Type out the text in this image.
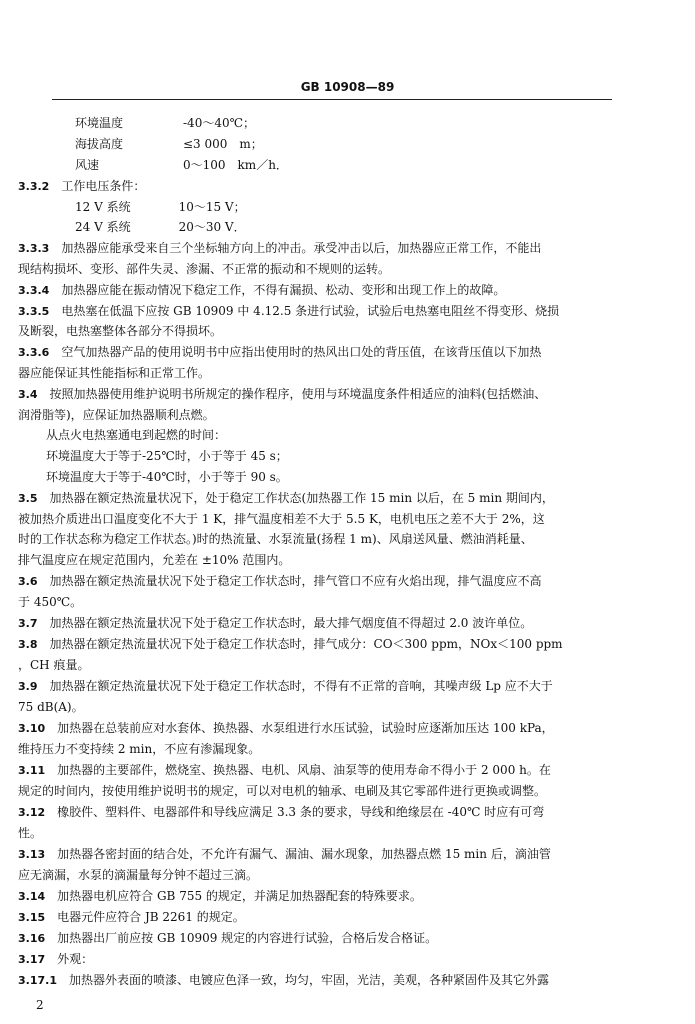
GB 10908—89
环境温度　　　　　-40～40℃；
海拔高度　　　　　≤3 000　m；
风速　　　　　　　0～100　km／h．
3.3.2　 工作电压条件：
12 V 系统　　　　10～15 V；
24 V 系统　　　　20～30 V．
3.3.3　 加热器应能承受来自三个坐标轴方向上的冲击。承受冲击以后，加热器应正常工作，不能出
现结构损坏、变形、部件失灵、渗漏、不正常的振动和不规则的运转。
3.3.4　 加热器应能在振动情况下稳定工作，不得有漏损、松动、变形和出现工作上的故障。
3.3.5　 电热塞在低温下应按 GB 10909 中 4.12.5 条进行试验，试验后电热塞电阻丝不得变形、烧损
及断裂，电热塞整体各部分不得损坏。
3.3.6　 空气加热器产品的使用说明书中应指出使用时的热风出口处的背压值，在该背压值以下加热
器应能保证其性能指标和正常工作。
3.4　 按照加热器使用维护说明书所规定的操作程序，使用与环境温度条件相适应的油料(包括燃油、
润滑脂等)，应保证加热器顺利点燃。
从点火电热塞通电到起燃的时间：
环境温度大于等于-25℃时，小于等于 45 s；
环境温度大于等于-40℃时，小于等于 90 s。
3.5　 加热器在额定热流量状况下，处于稳定工作状态(加热器工作 15 min 以后，在 5 min 期间内，
被加热介质进出口温度变化不大于 1 K，排气温度相差不大于 5.5 K，电机电压之差不大于 2%，这
时的工作状态称为稳定工作状态。)时的热流量、水泵流量(扬程 1 m)、风扇送风量、燃油消耗量、
排气温度应在规定范围内，允差在 ±10% 范围内。
3.6　 加热器在额定热流量状况下处于稳定工作状态时，排气管口不应有火焰出现，排气温度应不高
于 450℃。
3.7　 加热器在额定热流量状况下处于稳定工作状态时，最大排气烟度值不得超过 2.0 波许单位。
3.8　 加热器在额定热流量状况下处于稳定工作状态时，排气成分：CO＜300 ppm，NOx＜100 ppm
，CH 痕量。
3.9　 加热器在额定热流量状况下处于稳定工作状态时，不得有不正常的音响，其噪声级 Lp 应不大于
75 dB(A)。
3.10　 加热器在总装前应对水套体、换热器、水泵组进行水压试验，试验时应逐渐加压达 100 kPa，
维持压力不变持续 2 min，不应有渗漏现象。
3.11　 加热器的主要部件，燃烧室、换热器、电机、风扇、油泵等的使用寿命不得小于 2 000 h。在
规定的时间内，按使用维护说明书的规定，可以对电机的轴承、电刷及其它零部件进行更换或调整。
3.12　 橡胶件、塑料件、电器部件和导线应满足 3.3 条的要求，导线和绝缘层在 -40℃ 时应有可弯
性。
3.13　 加热器各密封面的结合处，不允许有漏气、漏油、漏水现象，加热器点燃 15 min 后，滴油管
应无滴漏，水泵的滴漏量每分钟不超过三滴。
3.14　 加热器电机应符合 GB 755 的规定，并满足加热器配套的特殊要求。
3.15　 电器元件应符合 JB 2261 的规定。
3.16　 加热器出厂前应按 GB 10909 规定的内容进行试验，合格后发合格证。
3.17　 外观：
3.17.1　 加热器外表面的喷漆、电镀应色泽一致，均匀，牢固，光洁，美观，各种紧固件及其它外露
2
